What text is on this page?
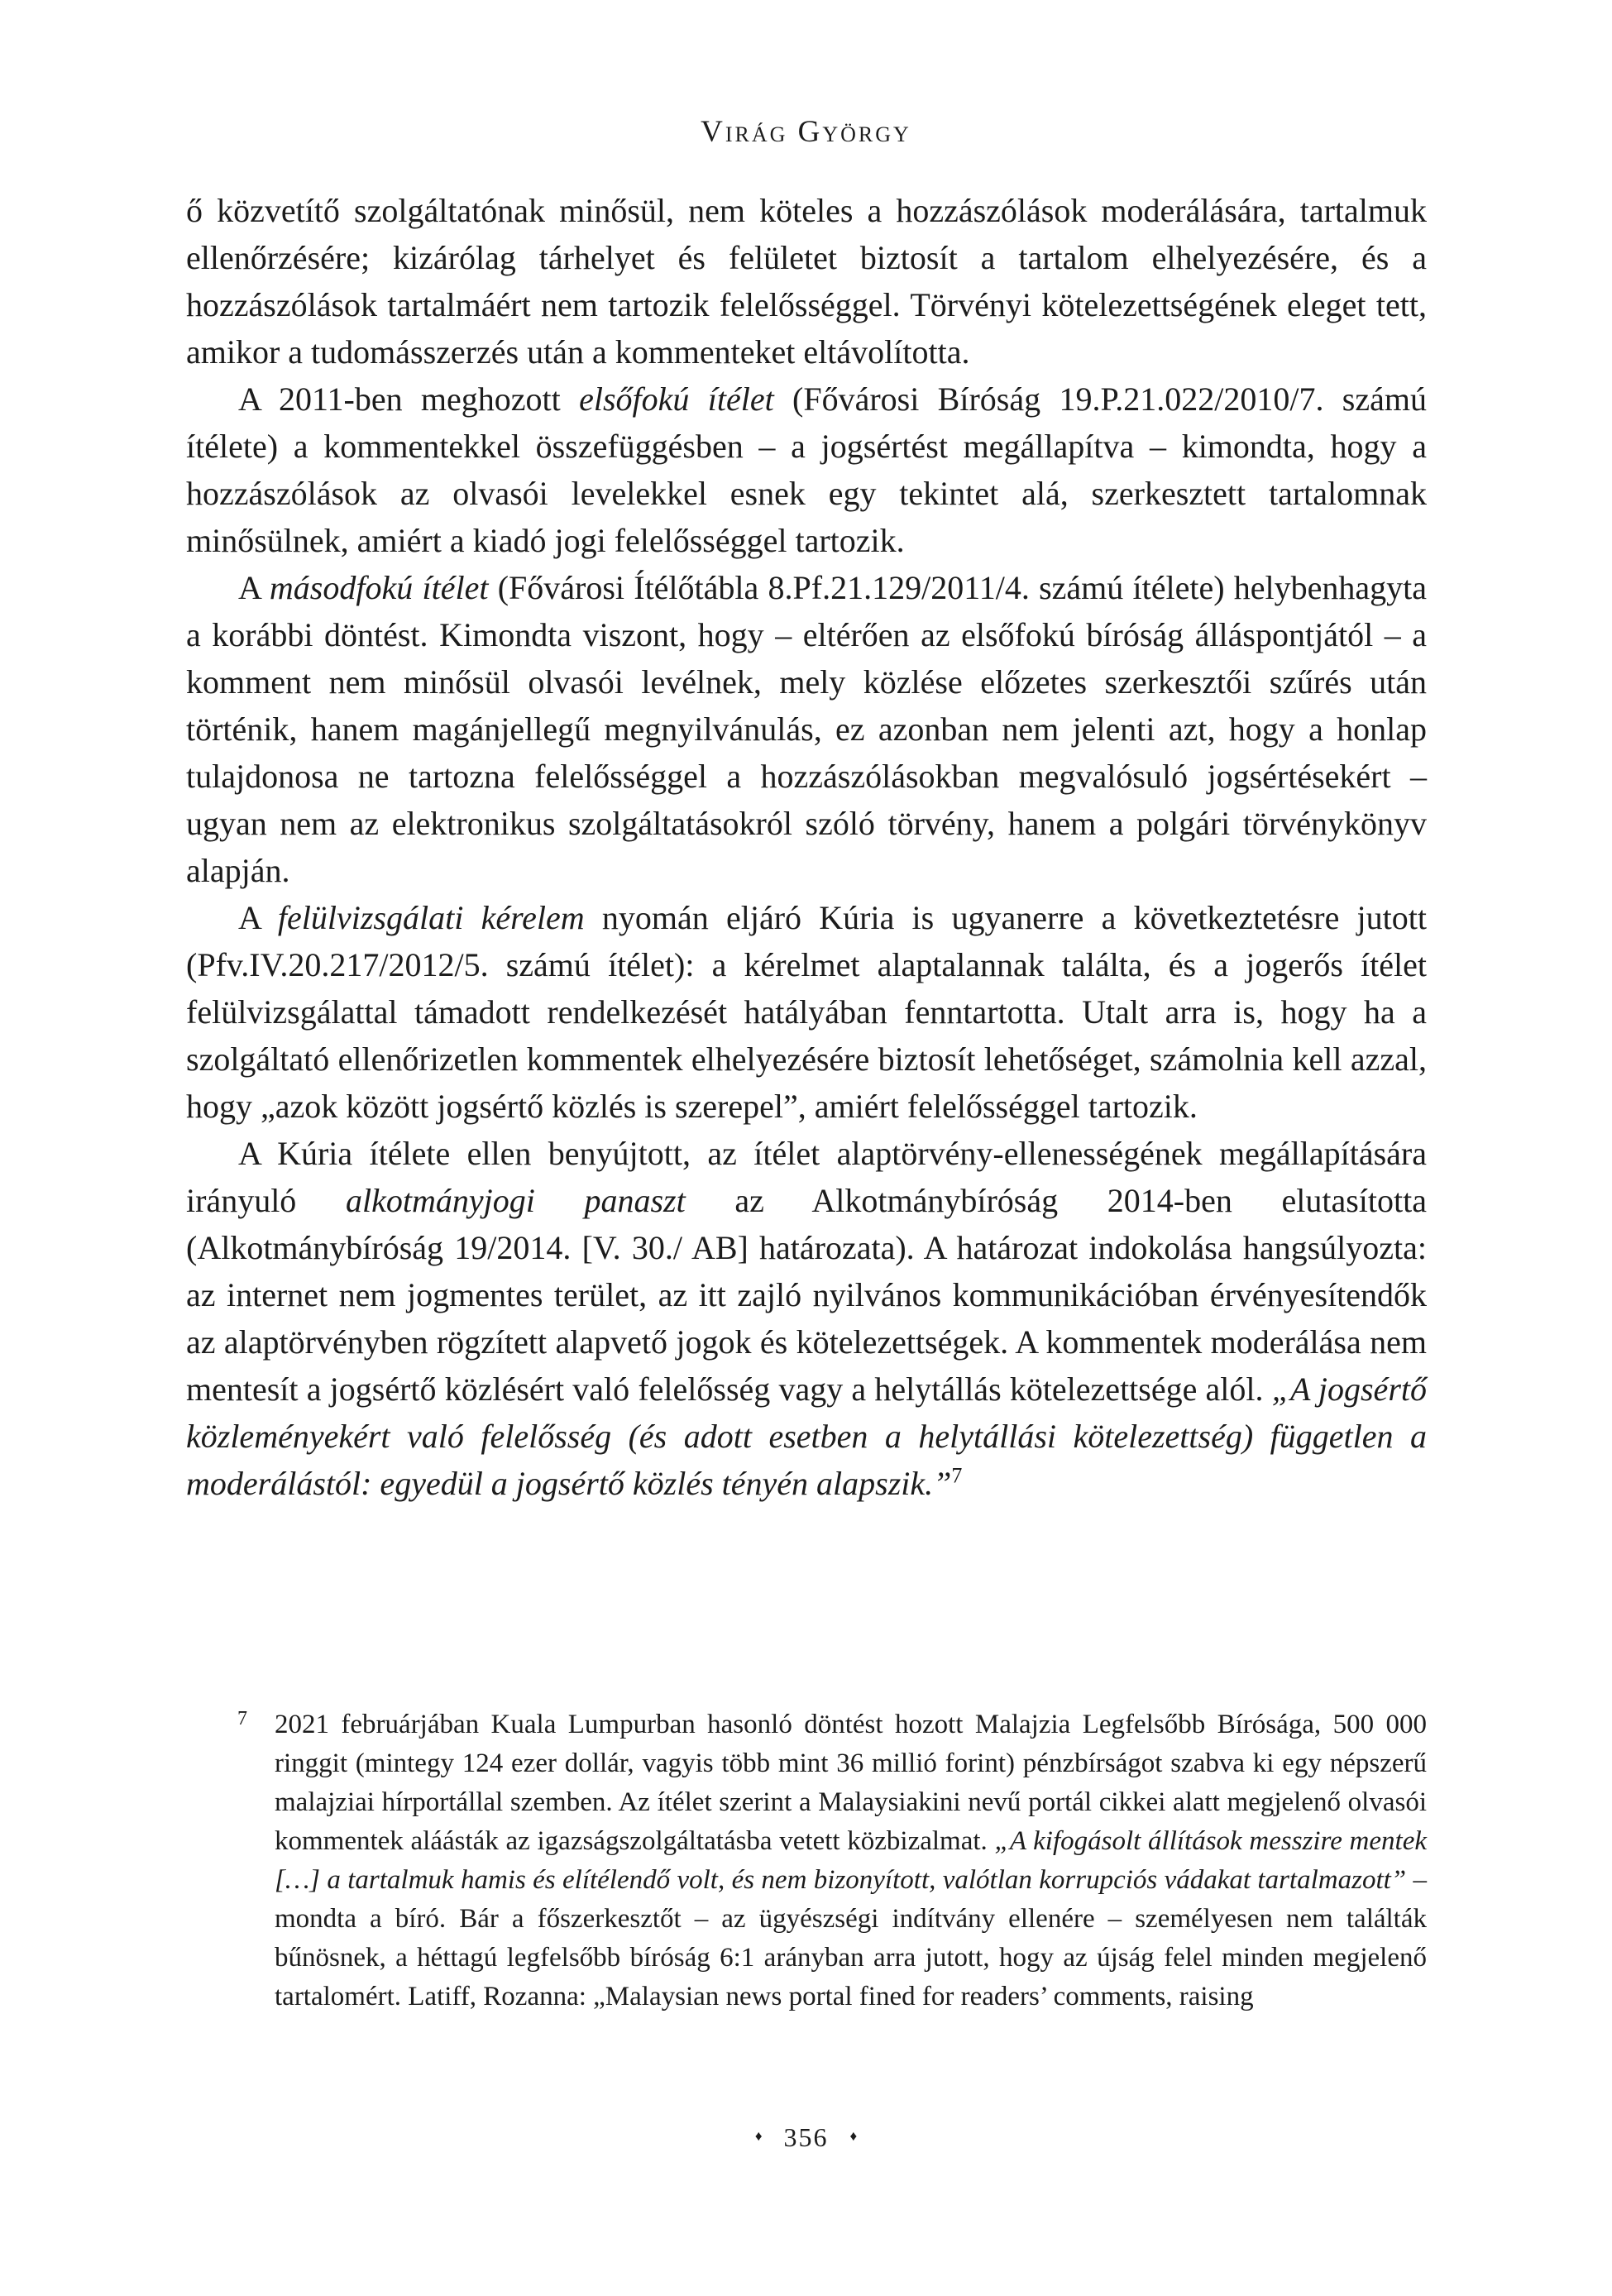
Virág György

ő közvetítő szolgáltatónak minősül, nem köteles a hozzászólások moderálására, tartalmuk ellenőrzésére; kizárólag tárhelyet és felületet biztosít a tartalom elhelyezésére, és a hozzászólások tartalmáért nem tartozik felelősséggel. Törvényi kötelezettségének eleget tett, amikor a tudomásszerzés után a kommenteket eltávolította.

A 2011-ben meghozott elsőfokú ítélet (Fővárosi Bíróság 19.P.21.022/2010/7. számú ítélete) a kommentekkel összefüggésben – a jogsértést megállapítva – kimondta, hogy a hozzászólások az olvasói levelekkel esnek egy tekintet alá, szerkesztett tartalomnak minősülnek, amiért a kiadó jogi felelősséggel tartozik.

A másodfokú ítélet (Fővárosi Ítélőtábla 8.Pf.21.129/2011/4. számú ítélete) helybenhagyta a korábbi döntést. Kimondta viszont, hogy – eltérően az elsőfokú bíróság álláspontjától – a komment nem minősül olvasói levélnek, mely közlése előzetes szerkesztői szűrés után történik, hanem magánjellegű megnyilvánulás, ez azonban nem jelenti azt, hogy a honlap tulajdonosa ne tartozna felelősséggel a hozzászólásokban megvalósuló jogsértésekért – ugyan nem az elektronikus szolgáltatásokról szóló törvény, hanem a polgári törvénykönyv alapján.

A felülvizsgálati kérelem nyomán eljáró Kúria is ugyanerre a következtetésre jutott (Pfv.IV.20.217/2012/5. számú ítélet): a kérelmet alaptalannak találta, és a jogerős ítélet felülvizsgálattal támadott rendelkezését hatályában fenntartotta. Utalt arra is, hogy ha a szolgáltató ellenőrizetlen kommentek elhelyezésére biztosít lehetőséget, számolnia kell azzal, hogy „azok között jogsértő közlés is szerepel”, amiért felelősséggel tartozik.

A Kúria ítélete ellen benyújtott, az ítélet alaptörvény-ellenességének megállapítására irányuló alkotmányjogi panaszt az Alkotmánybíróság 2014-ben elutasította (Alkotmánybíróság 19/2014. [V. 30./ AB] határozata). A határozat indokolása hangsúlyozta: az internet nem jogmentes terület, az itt zajló nyilvános kommunikációban érvényesítendők az alaptörvényben rögzített alapvető jogok és kötelezettségek. A kommentek moderálása nem mentesít a jogsértő közlésért való felelősség vagy a helytállás kötelezettsége alól. „A jogsértő közleményekért való felelősség (és adott esetben a helytállási kötelezettség) független a moderálástól: egyedül a jogsértő közlés tényén alapszik.”$^7$

7 2021 februárjában Kuala Lumpurban hasonló döntést hozott Malajzia Legfelsőbb Bírósága, 500 000 ringgit (mintegy 124 ezer dollár, vagyis több mint 36 millió forint) pénzbírságot szabva ki egy népszerű malajziai hírportállal szemben. Az ítélet szerint a Malaysiakini nevű portál cikkei alatt megjelenő olvasói kommentek aláásták az igazságszolgáltatásba vetett közbizalmat. „A kifogásolt állítások messzire mentek […] a tartalmuk hamis és elítélendő volt, és nem bizonyított, valótlan korrupciós vádakat tartalmazott” – mondta a bíró. Bár a főszerkesztőt – az ügyészségi indítvány ellenére – személyesen nem találták bűnösnek, a héttagú legfelsőbb bíróság 6:1 arányban arra jutott, hogy az újság felel minden megjelenő tartalomért. Latiff, Rozanna: „Malaysian news portal fined for readers’ comments, raising
♦ 356 ♦
